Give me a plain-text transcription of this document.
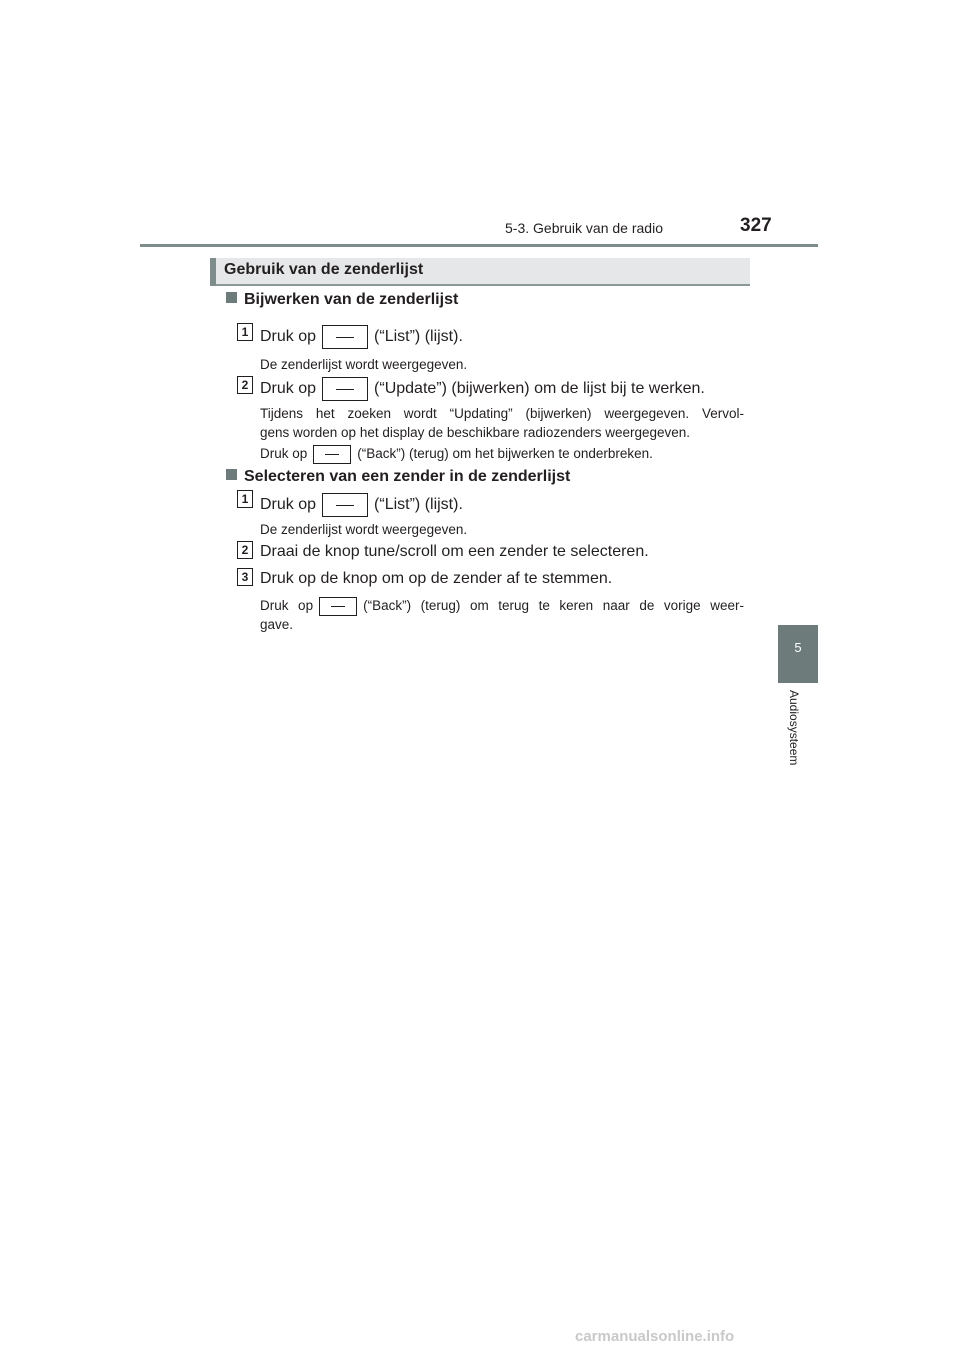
5-3. Gebruik van de radio	327
5
Audiosysteem
Gebruik van de zenderlijst
Bijwerken van de zenderlijst
1 Druk op	(“List”) (lijst).
De zenderlijst wordt weergegeven.
2 Druk op	(“Update”) (bijwerken) om de lijst bij te werken.
Tijdens het zoeken wordt “Updating” (bijwerken) weergegeven. Vervol-
gens worden op het display de beschikbare radiozenders weergegeven.
Druk op	(“Back”) (terug) om het bijwerken te onderbreken.
Selecteren van een zender in de zenderlijst
1 Druk op	(“List”) (lijst).
De zenderlijst wordt weergegeven.
2 Draai de knop tune/scroll om een zender te selecteren.
3 Druk op de knop om op de zender af te stemmen.
Druk op	(“Back”) (terug) om terug te keren naar de vorige weer-
gave.
carmanualsonline.info
